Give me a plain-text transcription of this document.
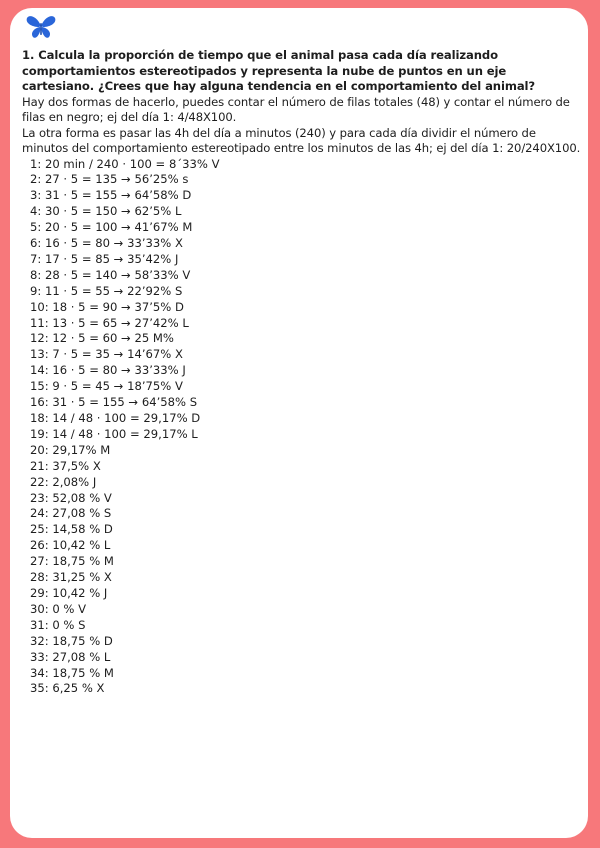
1. Calcula la proporción de tiempo que el animal pasa cada día realizando comportamientos estereotipados y representa la nube de puntos en un eje cartesiano. ¿Crees que hay alguna tendencia en el comportamiento del animal?
Hay dos formas de hacerlo, puedes contar el número de filas totales (48) y contar el número de filas en negro; ej del día 1: 4/48X100.
La otra forma es pasar las 4h del día a minutos (240) y para cada día dividir el número de minutos del comportamiento estereotipado entre los minutos de las 4h; ej del día 1: 20/240X100.
1: 20 min / 240 · 100 = 8´33% V
2: 27 · 5 = 135 → 56’25% s
3: 31 · 5 = 155 → 64’58% D
4: 30 · 5 = 150 → 62’5% L
5: 20 · 5 = 100 → 41’67% M
6: 16 · 5 = 80 → 33’33% X
7: 17 · 5 = 85 → 35’42% J
8: 28 · 5 = 140 → 58’33% V
9: 11 · 5 = 55 → 22’92% S
10: 18 · 5 = 90 → 37’5% D
11: 13 · 5 = 65 → 27’42% L
12: 12 · 5 = 60 → 25 M%
13: 7 · 5 = 35 → 14’67% X
14: 16 · 5 = 80 → 33’33% J
15: 9 · 5 = 45 → 18’75% V
16: 31 · 5 = 155 → 64’58% S
18: 14 / 48 · 100 = 29,17% D
19: 14 / 48 · 100 = 29,17% L
20: 29,17% M
21: 37,5% X
22: 2,08% J
23: 52,08 % V
24: 27,08 % S
25: 14,58 % D
26: 10,42 % L
27: 18,75 % M
28: 31,25 % X
29: 10,42 % J
30: 0 % V
31: 0 % S
32: 18,75 % D
33: 27,08 % L
34: 18,75 % M
35: 6,25 % X
